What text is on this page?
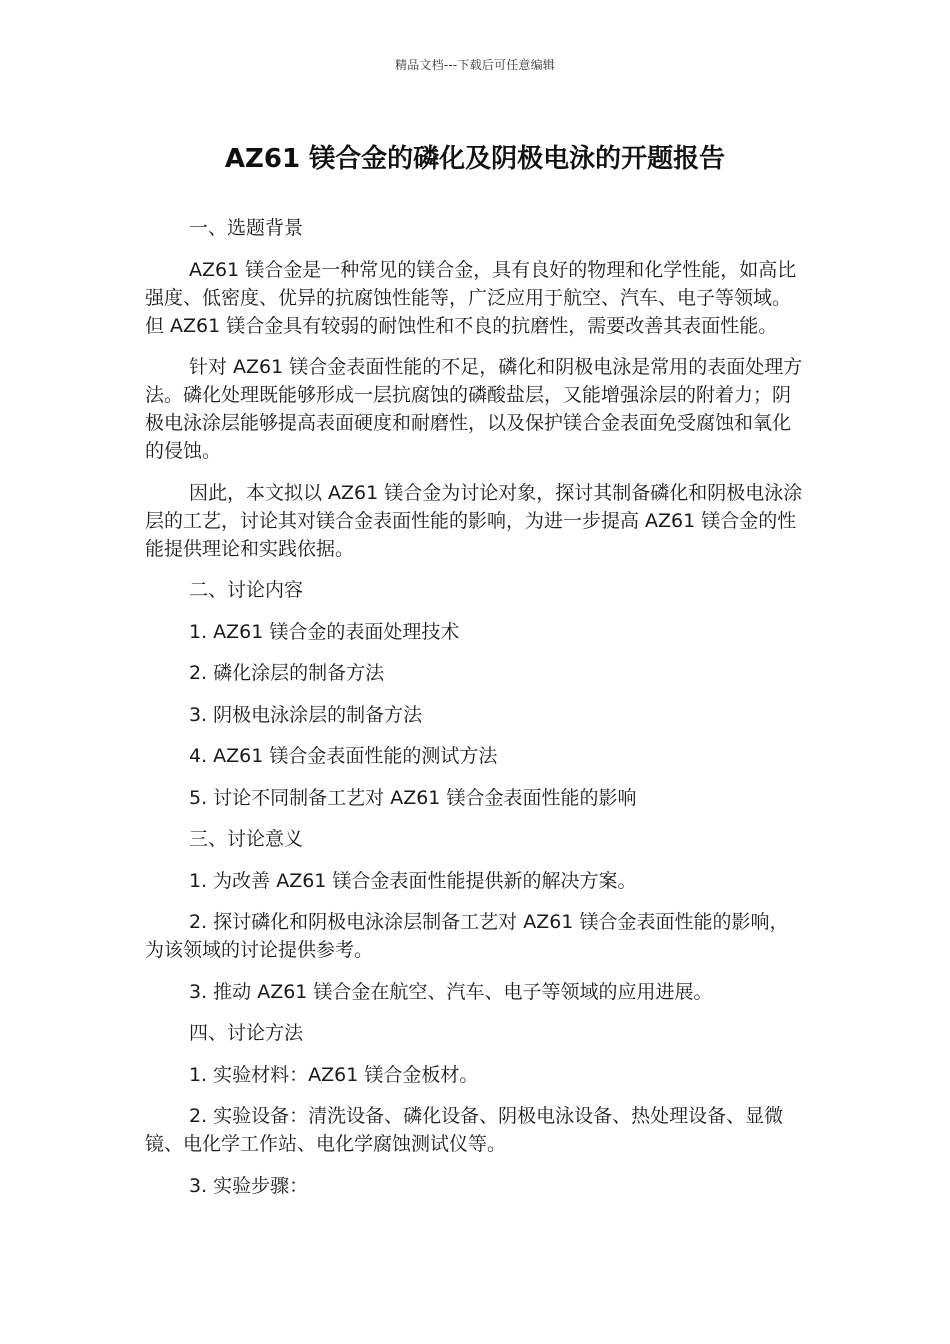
精品文档---下载后可任意编辑
AZ61 镁合金的磷化及阴极电泳的开题报告

一、选题背景

AZ61 镁合金是一种常见的镁合金，具有良好的物理和化学性能，如高比强度、低密度、优异的抗腐蚀性能等，广泛应用于航空、汽车、电子等领域。但 AZ61 镁合金具有较弱的耐蚀性和不良的抗磨性，需要改善其表面性能。

针对 AZ61 镁合金表面性能的不足，磷化和阴极电泳是常用的表面处理方法。磷化处理既能够形成一层抗腐蚀的磷酸盐层，又能增强涂层的附着力；阴极电泳涂层能够提高表面硬度和耐磨性，以及保护镁合金表面免受腐蚀和氧化的侵蚀。

因此，本文拟以 AZ61 镁合金为讨论对象，探讨其制备磷化和阴极电泳涂层的工艺，讨论其对镁合金表面性能的影响，为进一步提高 AZ61 镁合金的性能提供理论和实践依据。

二、讨论内容

1. AZ61 镁合金的表面处理技术

2. 磷化涂层的制备方法

3. 阴极电泳涂层的制备方法

4. AZ61 镁合金表面性能的测试方法

5. 讨论不同制备工艺对 AZ61 镁合金表面性能的影响

三、讨论意义

1. 为改善 AZ61 镁合金表面性能提供新的解决方案。

2. 探讨磷化和阴极电泳涂层制备工艺对 AZ61 镁合金表面性能的影响，为该领域的讨论提供参考。

3. 推动 AZ61 镁合金在航空、汽车、电子等领域的应用进展。

四、讨论方法

1. 实验材料：AZ61 镁合金板材。

2. 实验设备：清洗设备、磷化设备、阴极电泳设备、热处理设备、显微镜、电化学工作站、电化学腐蚀测试仪等。

3. 实验步骤：
